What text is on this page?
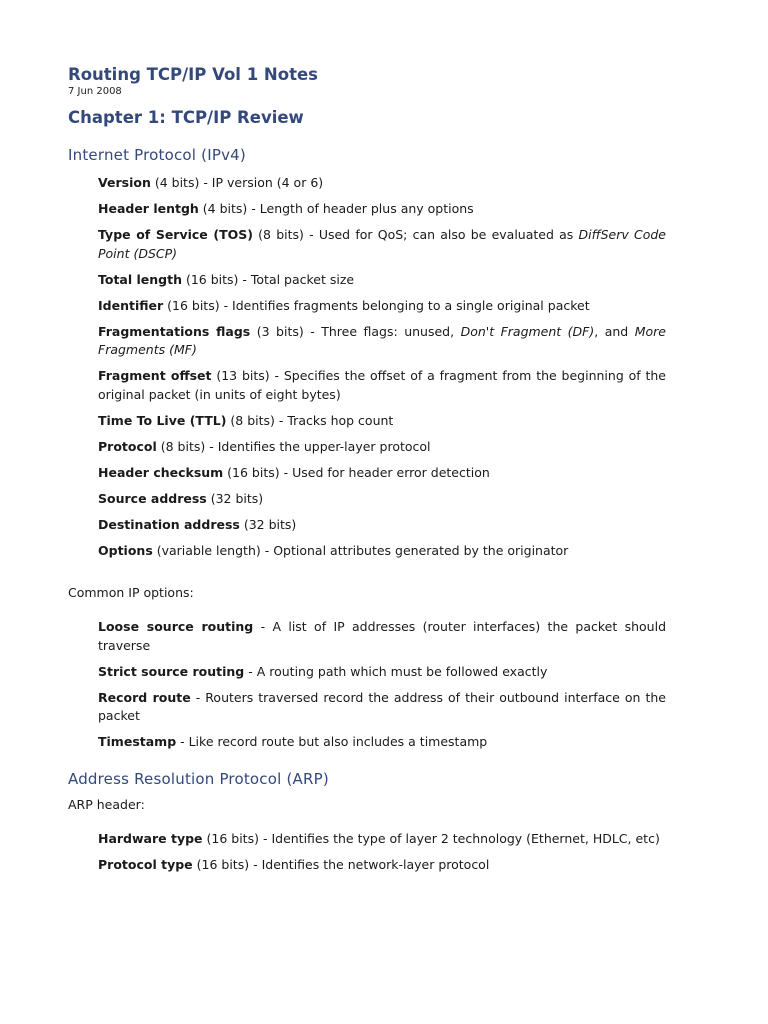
Routing TCP/IP Vol 1 Notes
7 Jun 2008
Chapter 1: TCP/IP Review
Internet Protocol (IPv4)
Version (4 bits) - IP version (4 or 6)
Header lentgh (4 bits) - Length of header plus any options
Type of Service (TOS) (8 bits) - Used for QoS; can also be evaluated as DiffServ Code Point (DSCP)
Total length (16 bits) - Total packet size
Identifier (16 bits) - Identifies fragments belonging to a single original packet
Fragmentations flags (3 bits) - Three flags: unused, Don't Fragment (DF), and More Fragments (MF)
Fragment offset (13 bits) - Specifies the offset of a fragment from the beginning of the original packet (in units of eight bytes)
Time To Live (TTL) (8 bits) - Tracks hop count
Protocol (8 bits) - Identifies the upper-layer protocol
Header checksum (16 bits) - Used for header error detection
Source address (32 bits)
Destination address (32 bits)
Options (variable length) - Optional attributes generated by the originator

Common IP options:

Loose source routing - A list of IP addresses (router interfaces) the packet should traverse
Strict source routing - A routing path which must be followed exactly
Record route - Routers traversed record the address of their outbound interface on the packet
Timestamp - Like record route but also includes a timestamp
Address Resolution Protocol (ARP)

ARP header:

Hardware type (16 bits) - Identifies the type of layer 2 technology (Ethernet, HDLC, etc)
Protocol type (16 bits) - Identifies the network-layer protocol
